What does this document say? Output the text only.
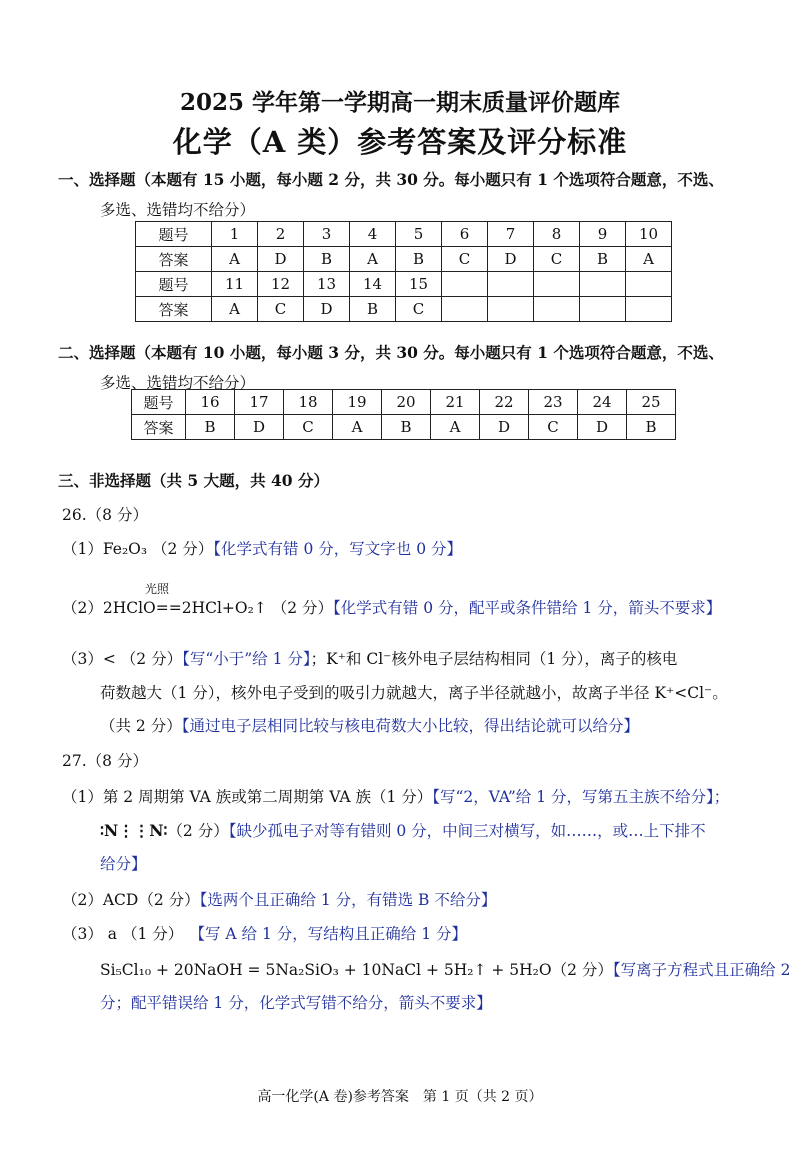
2025 学年第一学期高一期末质量评价题库
化学（A 类）参考答案及评分标准
一、选择题（本题有 15 小题，每小题 2 分，共 30 分。每小题只有 1 个选项符合题意，不选、
多选、选错均不给分）
题号	1	2	3	4	5	6	7	8	9	10
答案	A	D	B	A	B	C	D	C	B	A
题号	11	12	13	14	15					
答案	A	C	D	B	C					
二、选择题（本题有 10 小题，每小题 3 分，共 30 分。每小题只有 1 个选项符合题意，不选、
多选、选错均不给分）
题号	16	17	18	19	20	21	22	23	24	25
答案	B	D	C	A	B	A	D	C	D	B
三、非选择题（共 5 大题，共 40 分）
26.（8 分）
（1）Fe₂O₃ （2 分）【化学式有错 0 分，写文字也 0 分】
光照
（2）2HClO==2HCl+O₂↑ （2 分）【化学式有错 0 分，配平或条件错给 1 分，箭头不要求】
（3）< （2 分）【写“小于”给 1 分】；K⁺和 Cl⁻核外电子层结构相同（1 分），离子的核电
荷数越大（1 分），核外电子受到的吸引力就越大，离子半径就越小，故离子半径 K⁺<Cl⁻。
（共 2 分）【通过电子层相同比较与核电荷数大小比较，得出结论就可以给分】
27.（8 分）
（1）第 2 周期第 VA 族或第二周期第 VA 族（1 分）【写“2，VA”给 1 分，写第五主族不给分】；
∶N⋮⋮N∶（2 分）【缺少孤电子对等有错则 0 分，中间三对横写，如……，或…上下排不
给分】
（2）ACD（2 分）【选两个且正确给 1 分，有错选 B 不给分】
（3） a （1 分） 【写 A 给 1 分，写结构且正确给 1 分】
Si₅Cl₁₀ + 20NaOH = 5Na₂SiO₃ + 10NaCl + 5H₂↑ + 5H₂O（2 分）【写离子方程式且正确给 2
分；配平错误给 1 分，化学式写错不给分，箭头不要求】
高一化学(A 卷)参考答案　第 1 页（共 2 页）
